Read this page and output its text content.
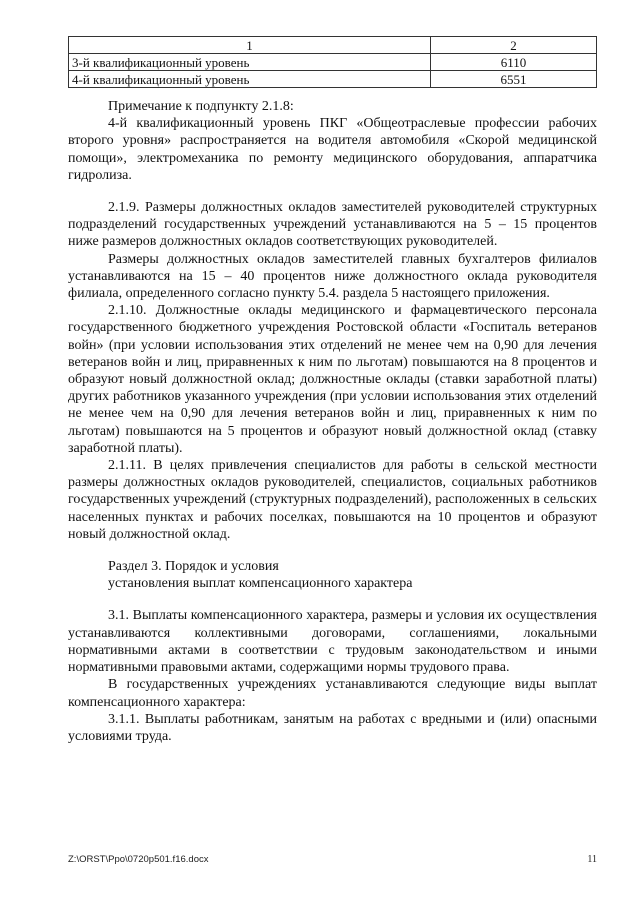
1	2
3-й квалификационный уровень	6110
4-й квалификационный уровень	6551

Примечание к подпункту 2.1.8:

4-й квалификационный уровень ПКГ «Общеотраслевые профессии рабочих второго уровня» распространяется на водителя автомобиля «Скорой медицинской помощи», электромеханика по ремонту медицинского оборудования, аппаратчика гидролиза.

2.1.9. Размеры должностных окладов заместителей руководителей структурных подразделений государственных учреждений устанавливаются на 5 – 15 процентов ниже размеров должностных окладов соответствующих руководителей.

Размеры должностных окладов заместителей главных бухгалтеров филиалов устанавливаются на 15 – 40 процентов ниже должностного оклада руководителя филиала, определенного согласно пункту 5.4. раздела 5 настоящего приложения.

2.1.10. Должностные оклады медицинского и фармацевтического персонала государственного бюджетного учреждения Ростовской области «Госпиталь ветеранов войн» (при условии использования этих отделений не менее чем на 0,90 для лечения ветеранов войн и лиц, приравненных к ним по льготам) повышаются на 8 процентов и образуют новый должностной оклад; должностные оклады (ставки заработной платы) других работников указанного учреждения (при условии использования этих отделений не менее чем на 0,90 для лечения ветеранов войн и лиц, приравненных к ним по льготам) повышаются на 5 процентов и образуют новый должностной оклад (ставку заработной платы).

2.1.11. В целях привлечения специалистов для работы в сельской местности размеры должностных окладов руководителей, специалистов, социальных работников государственных учреждений (структурных подразделений), расположенных в сельских населенных пунктах и рабочих поселках, повышаются на 10 процентов и образуют новый должностной оклад.

Раздел 3. Порядок и условия

установления выплат компенсационного характера

3.1. Выплаты компенсационного характера, размеры и условия их осуществления устанавливаются коллективными договорами, соглашениями, локальными нормативными актами в соответствии с трудовым законодательством и иными нормативными правовыми актами, содержащими нормы трудового права.

В государственных учреждениях устанавливаются следующие виды выплат компенсационного характера:

3.1.1. Выплаты работникам, занятым на работах с вредными и (или) опасными условиями труда.

Z:\ORST\Ppo\0720p501.f16.docx	11
